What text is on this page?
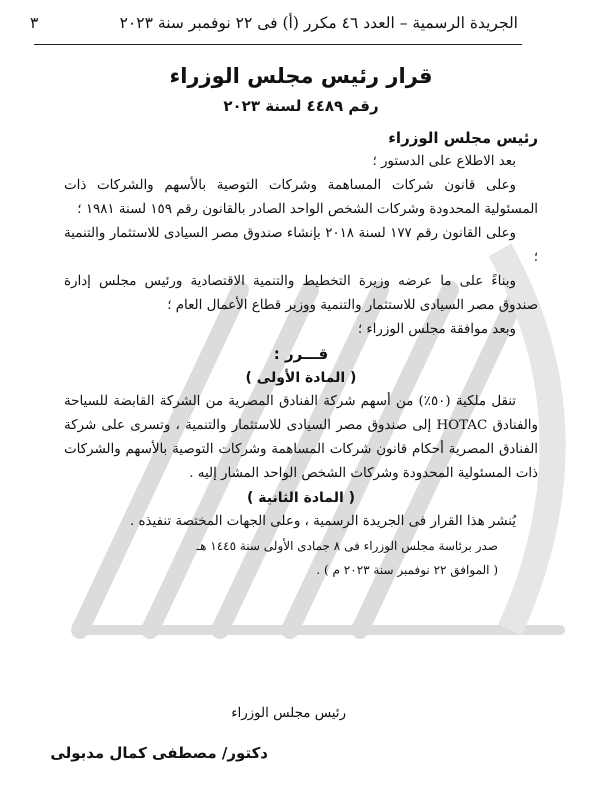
الجريدة الرسمية – العدد ٤٦ مكرر (أ) فى ٢٢ نوفمبر سنة ٢٠٢٣
٣
قرار رئيس مجلس الوزراء
رقم ٤٤٨٩ لسنة ٢٠٢٣

رئيس مجلس الوزراء

بعد الاطلاع على الدستور ؛

وعلى قانون شركات المساهمة وشركات التوصية بالأسهم والشركات ذات المسئولية المحدودة وشركات الشخص الواحد الصادر بالقانون رقم ١٥٩ لسنة ١٩٨١ ؛

وعلى القانون رقم ١٧٧ لسنة ٢٠١٨ بإنشاء صندوق مصر السيادى للاستثمار والتنمية ؛

وبناءً على ما عرضه وزيرة التخطيط والتنمية الاقتصادية ورئيس مجلس إدارة صندوق مصر السيادى للاستثمار والتنمية ووزير قطاع الأعمال العام ؛

وبعد موافقة مجلس الوزراء ؛

قـــرر :

( المادة الأولى )

تنقل ملكية (٥٠٪) من أسهم شركة الفنادق المصرية من الشركة القابضة للسياحة والفنادق HOTAC إلى صندوق مصر السيادى للاستثمار والتنمية ، وتسرى على شركة الفنادق المصرية أحكام قانون شركات المساهمة وشركات التوصية بالأسهم والشركات ذات المسئولية المحدودة وشركات الشخص الواحد المشار إليه .

( المادة الثانية )

يُنشر هذا القرار فى الجريدة الرسمية ، وعلى الجهات المختصة تنفيذه .

صدر برئاسة مجلس الوزراء فى ٨ جمادى الأولى سنة ١٤٤٥ هـ

( الموافق ٢٢ نوفمبر سنة ٢٠٢٣ م ) .

رئيس مجلس الوزراء
دكتور/ مصطفى كمال مدبولى
